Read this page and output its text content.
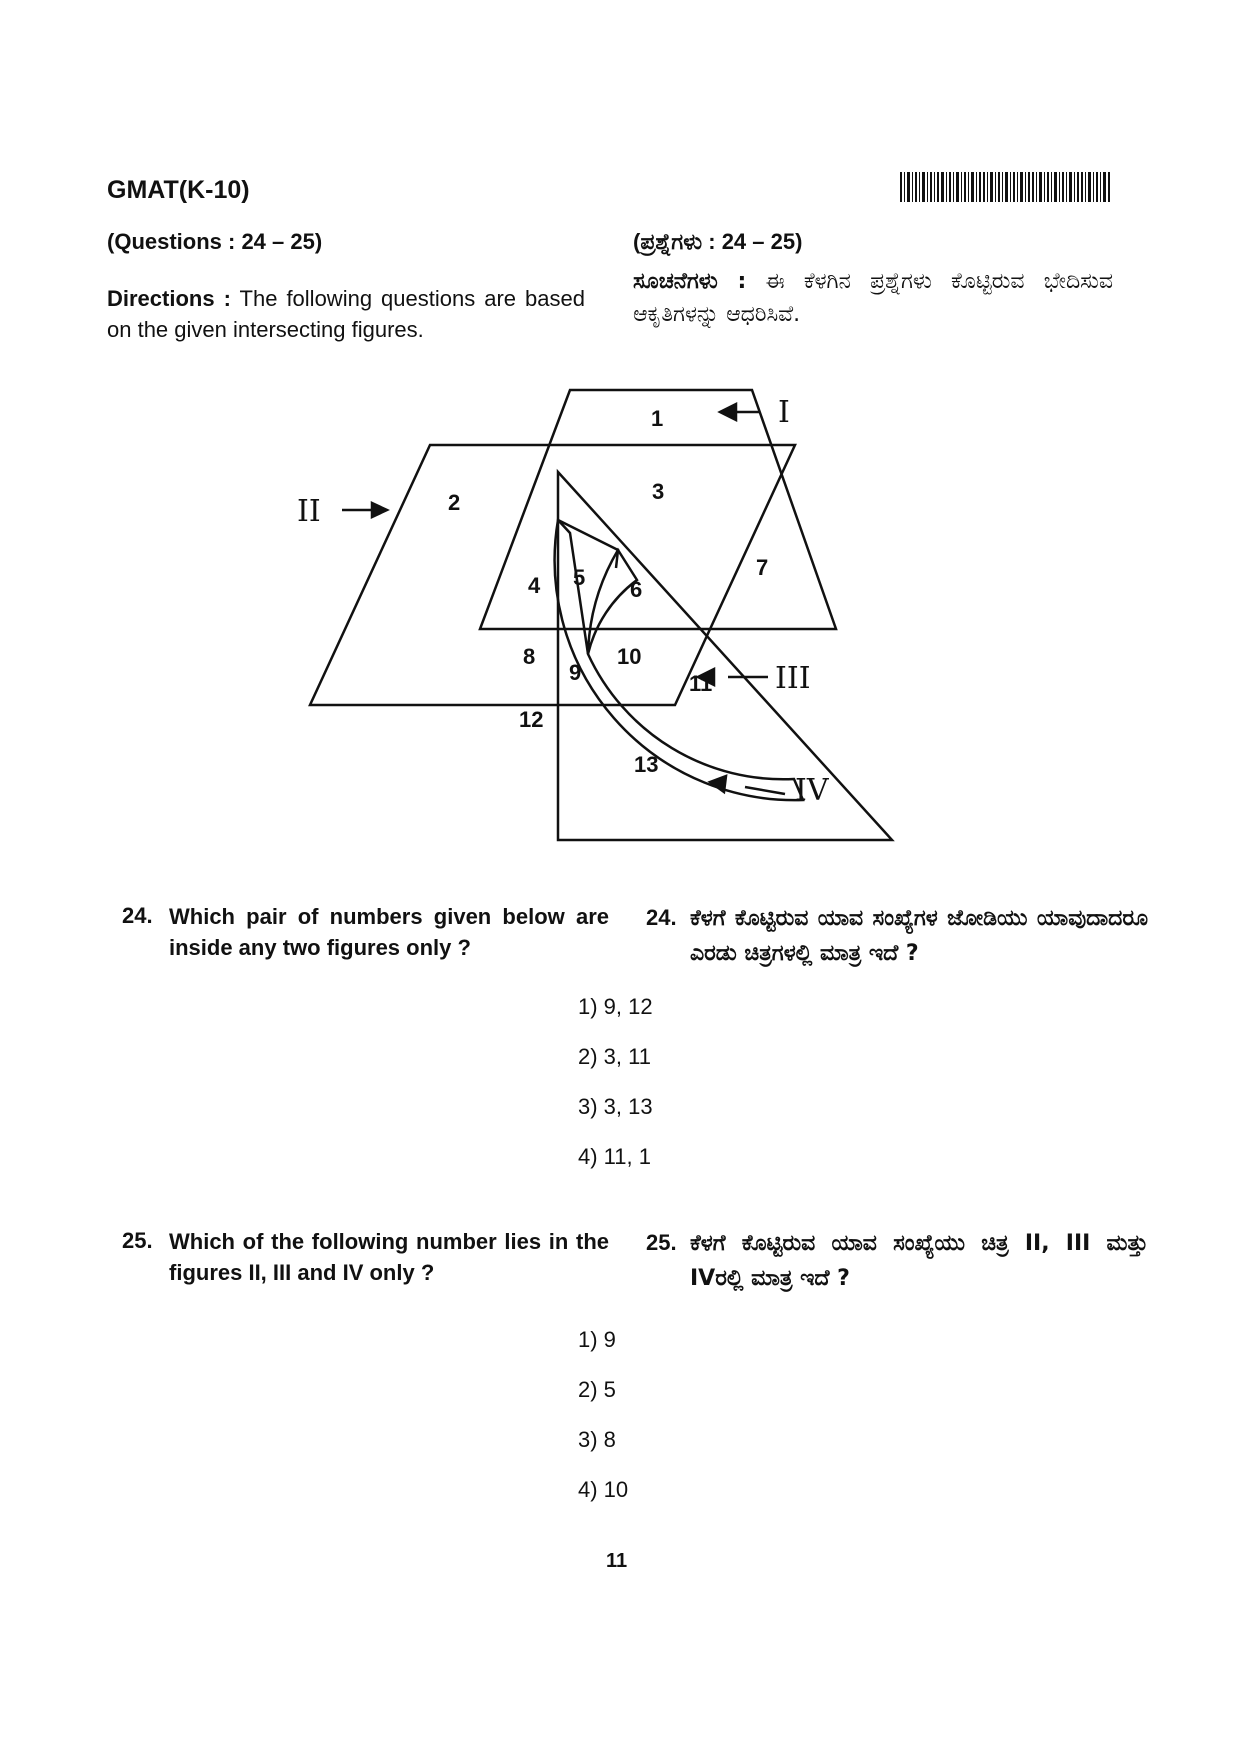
GMAT(K-10)
(Questions : 24 – 25)
Directions : The following questions are based on the given intersecting figures.
(ಪ್ರಶ್ನೆಗಳು : 24 – 25)
ಸೂಚನೆಗಳು : ಈ ಕೆಳಗಿನ ಪ್ರಶ್ನೆಗಳು ಕೊಟ್ಟಿರುವ ಭೇದಿಸುವ ಆಕೃತಿಗಳನ್ನು ಆಧರಿಸಿವೆ.
I
II
III
IV
1
2	3
4 5 6
7
8
9
10
11
12
13
24. Which pair of numbers given below are inside any two figures only ?
24. ಕೆಳಗೆ ಕೊಟ್ಟಿರುವ ಯಾವ ಸಂಖ್ಯೆಗಳ ಜೋಡಿಯು ಯಾವುದಾದರೂ ಎರಡು ಚಿತ್ರಗಳಲ್ಲಿ ಮಾತ್ರ ಇದೆ ?
1) 9, 12
2) 3, 11
3) 3, 13
4) 11, 1
25. Which of the following number lies in the figures II, III and IV only ?
25. ಕೆಳಗೆ ಕೊಟ್ಟಿರುವ ಯಾವ ಸಂಖ್ಯೆಯು ಚಿತ್ರ II, III ಮತ್ತು IVರಲ್ಲಿ ಮಾತ್ರ ಇದೆ ?
1) 9
2) 5
3) 8
4) 10
11
